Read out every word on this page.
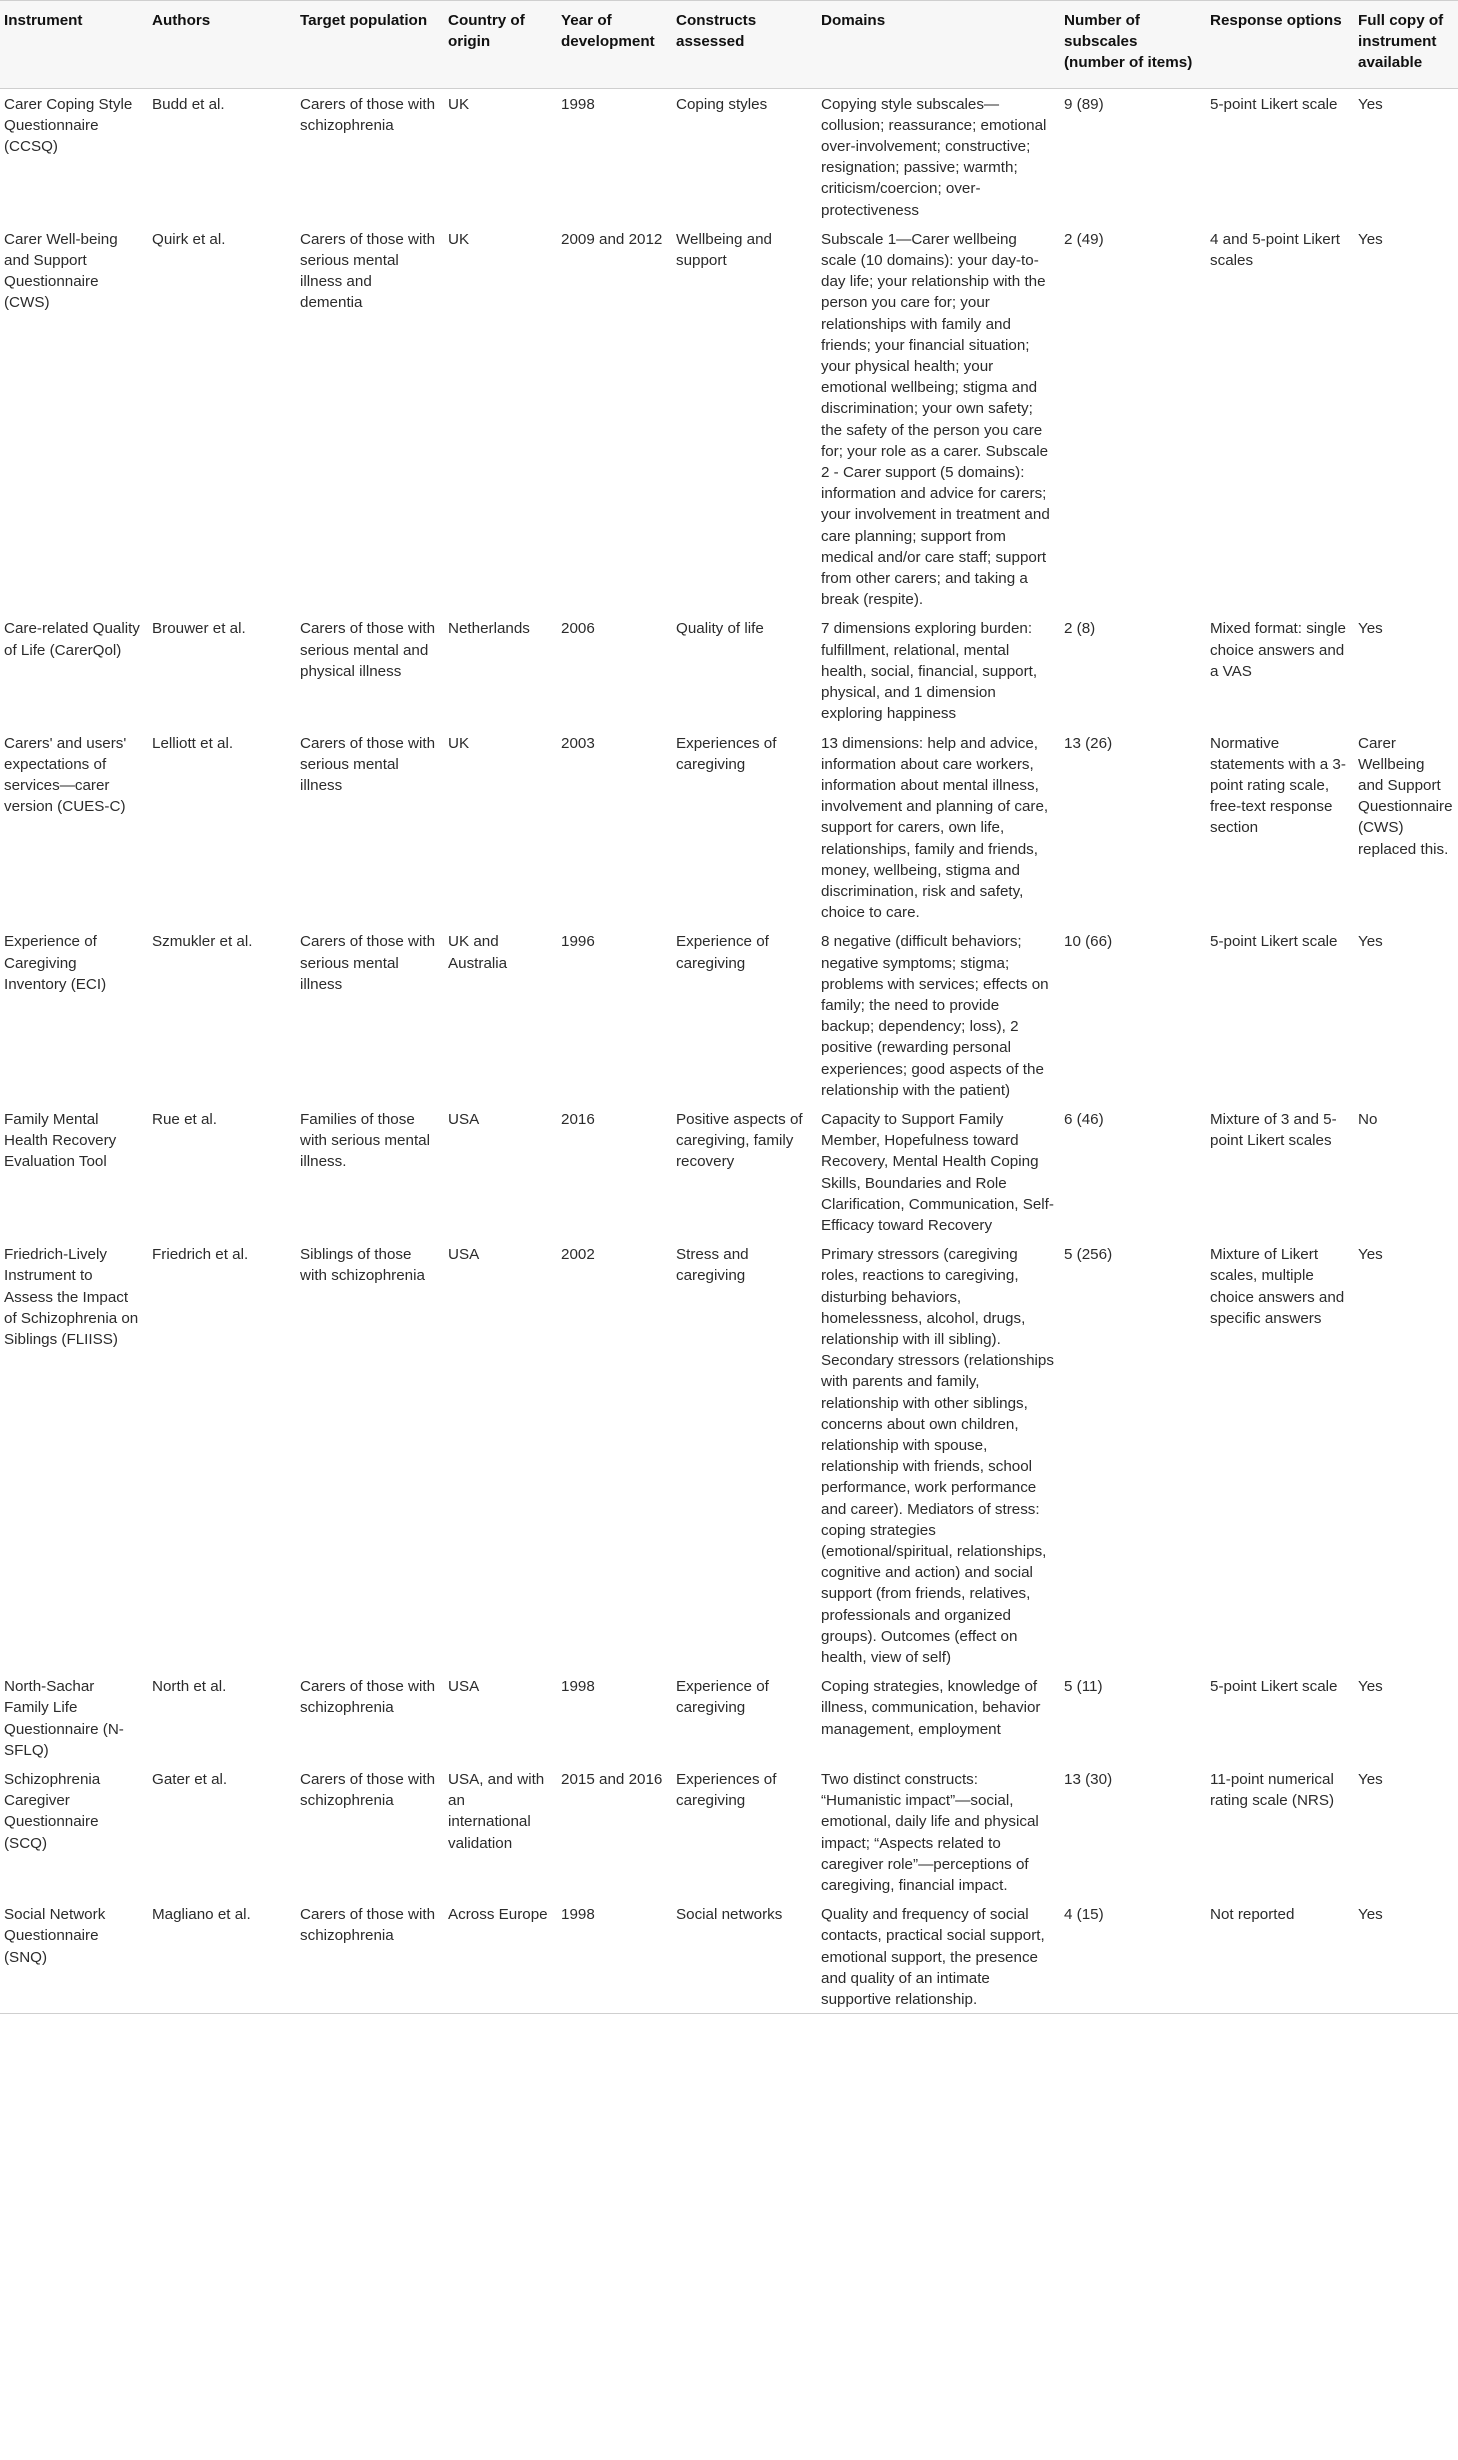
Instrument	Authors	Target population	Country of origin	Year of development	Constructs assessed	Domains	Number of subscales (number of items)	Response options	Full copy of instrument available
Carer Coping Style Questionnaire (CCSQ)	Budd et al.	Carers of those with schizophrenia	UK	1998	Coping styles	Copying style subscales—collusion; reassurance; emotional over-involvement; constructive; resignation; passive; warmth; criticism/coercion; over-protectiveness	9 (89)	5-point Likert scale	Yes
Carer Well-being and Support Questionnaire (CWS)	Quirk et al.	Carers of those with serious mental illness and dementia	UK	2009 and 2012	Wellbeing and support	Subscale 1—Carer wellbeing scale (10 domains): your day-to-day life; your relationship with the person you care for; your relationships with family and friends; your financial situation; your physical health; your emotional wellbeing; stigma and discrimination; your own safety; the safety of the person you care for; your role as a carer. Subscale 2 - Carer support (5 domains): information and advice for carers; your involvement in treatment and care planning; support from medical and/or care staff; support from other carers; and taking a break (respite).	2 (49)	4 and 5-point Likert scales	Yes
Care-related Quality of Life (CarerQol)	Brouwer et al.	Carers of those with serious mental and physical illness	Netherlands	2006	Quality of life	7 dimensions exploring burden: fulfillment, relational, mental health, social, financial, support, physical, and 1 dimension exploring happiness	2 (8)	Mixed format: single choice answers and a VAS	Yes
Carers' and users' expectations of services—carer version (CUES-C)	Lelliott et al.	Carers of those with serious mental illness	UK	2003	Experiences of caregiving	13 dimensions: help and advice, information about care workers, information about mental illness, involvement and planning of care, support for carers, own life, relationships, family and friends, money, wellbeing, stigma and discrimination, risk and safety, choice to care.	13 (26)	Normative statements with a 3-point rating scale, free-text response section	Carer Wellbeing and Support Questionnaire (CWS) replaced this.
Experience of Caregiving Inventory (ECI)	Szmukler et al.	Carers of those with serious mental illness	UK and Australia	1996	Experience of caregiving	8 negative (difficult behaviors; negative symptoms; stigma; problems with services; effects on family; the need to provide backup; dependency; loss), 2 positive (rewarding personal experiences; good aspects of the relationship with the patient)	10 (66)	5-point Likert scale	Yes
Family Mental Health Recovery Evaluation Tool	Rue et al.	Families of those with serious mental illness.	USA	2016	Positive aspects of caregiving, family recovery	Capacity to Support Family Member, Hopefulness toward Recovery, Mental Health Coping Skills, Boundaries and Role Clarification, Communication, Self-Efficacy toward Recovery	6 (46)	Mixture of 3 and 5-point Likert scales	No
Friedrich-Lively Instrument to Assess the Impact of Schizophrenia on Siblings (FLIISS)	Friedrich et al.	Siblings of those with schizophrenia	USA	2002	Stress and caregiving	Primary stressors (caregiving roles, reactions to caregiving, disturbing behaviors, homelessness, alcohol, drugs, relationship with ill sibling). Secondary stressors (relationships with parents and family, relationship with other siblings, concerns about own children, relationship with spouse, relationship with friends, school performance, work performance and career). Mediators of stress: coping strategies (emotional/spiritual, relationships, cognitive and action) and social support (from friends, relatives, professionals and organized groups). Outcomes (effect on health, view of self)	5 (256)	Mixture of Likert scales, multiple choice answers and specific answers	Yes
North-Sachar Family Life Questionnaire (N-SFLQ)	North et al.	Carers of those with schizophrenia	USA	1998	Experience of caregiving	Coping strategies, knowledge of illness, communication, behavior management, employment	5 (11)	5-point Likert scale	Yes
Schizophrenia Caregiver Questionnaire (SCQ)	Gater et al.	Carers of those with schizophrenia	USA, and with an international validation	2015 and 2016	Experiences of caregiving	Two distinct constructs: “Humanistic impact”—social, emotional, daily life and physical impact; “Aspects related to caregiver role”—perceptions of caregiving, financial impact.	13 (30)	11-point numerical rating scale (NRS)	Yes
Social Network Questionnaire (SNQ)	Magliano et al.	Carers of those with schizophrenia	Across Europe	1998	Social networks	Quality and frequency of social contacts, practical social support, emotional support, the presence and quality of an intimate supportive relationship.	4 (15)	Not reported	Yes
